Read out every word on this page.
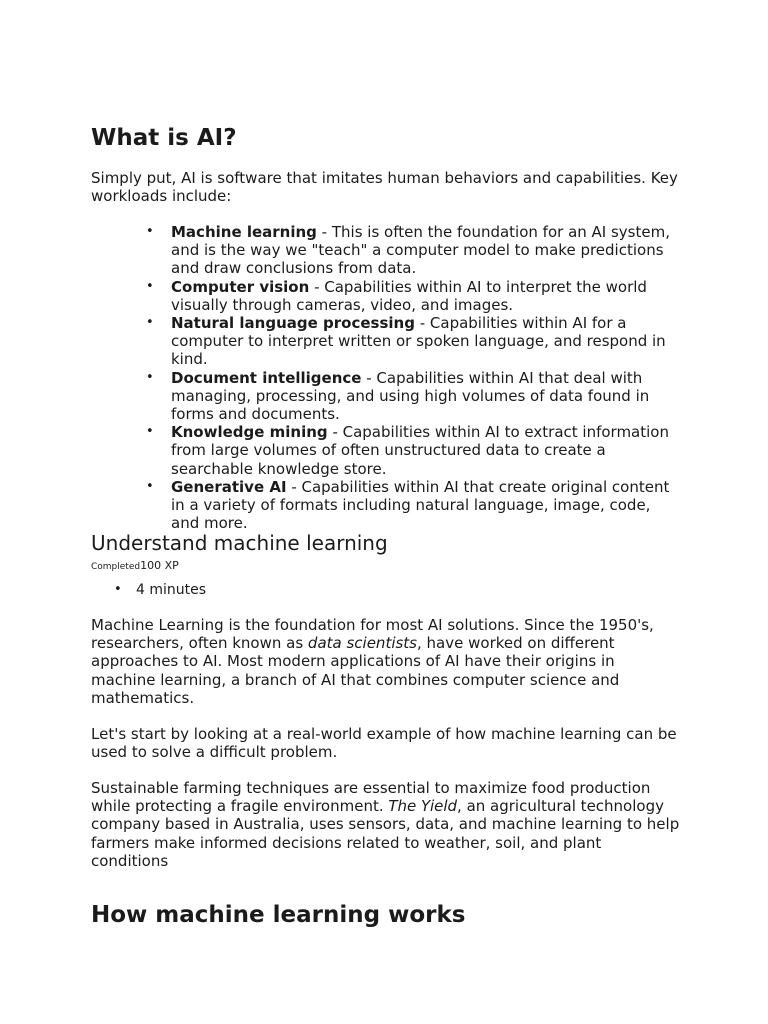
What is AI?

Simply put, AI is software that imitates human behaviors and capabilities. Key workloads include:

• Machine learning - This is often the foundation for an AI system, and is the way we "teach" a computer model to make predictions and draw conclusions from data.
• Computer vision - Capabilities within AI to interpret the world visually through cameras, video, and images.
• Natural language processing - Capabilities within AI for a computer to interpret written or spoken language, and respond in kind.
• Document intelligence - Capabilities within AI that deal with managing, processing, and using high volumes of data found in forms and documents.
• Knowledge mining - Capabilities within AI to extract information from large volumes of often unstructured data to create a searchable knowledge store.
• Generative AI - Capabilities within AI that create original content in a variety of formats including natural language, image, code, and more.
Understand machine learning
Completed100 XP
• 4 minutes

Machine Learning is the foundation for most AI solutions. Since the 1950's, researchers, often known as data scientists, have worked on different approaches to AI. Most modern applications of AI have their origins in machine learning, a branch of AI that combines computer science and mathematics.

Let's start by looking at a real-world example of how machine learning can be used to solve a difficult problem.

Sustainable farming techniques are essential to maximize food production while protecting a fragile environment. The Yield, an agricultural technology company based in Australia, uses sensors, data, and machine learning to help farmers make informed decisions related to weather, soil, and plant conditions

How machine learning works
